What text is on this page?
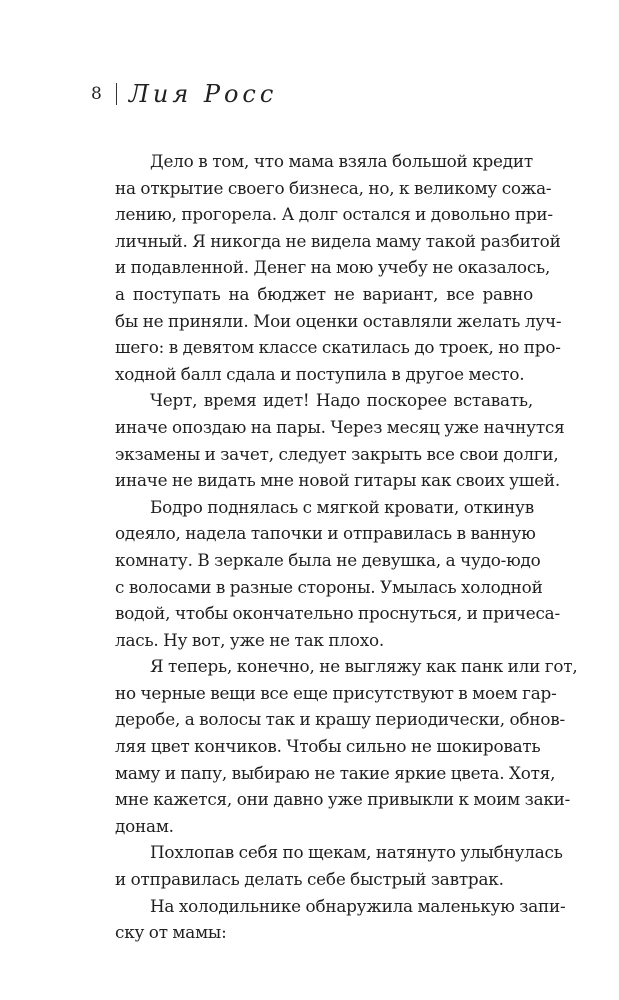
8 Лия Росс
Дело в том, что мама взяла большой кредит
на открытие своего бизнеса, но, к великому сожа-
лению, прогорела. А долг остался и довольно при-
личный. Я никогда не видела маму такой разбитой
и подавленной. Денег на мою учебу не оказалось,
а поступать на бюджет не вариант, все равно
бы не приняли. Мои оценки оставляли желать луч-
шего: в девятом классе скатилась до троек, но про-
ходной балл сдала и поступила в другое место.
Черт, время идет! Надо поскорее вставать,
иначе опоздаю на пары. Через месяц уже начнутся
экзамены и зачет, следует закрыть все свои долги,
иначе не видать мне новой гитары как своих ушей.
Бодро поднялась с мягкой кровати, откинув
одеяло, надела тапочки и отправилась в ванную
комнату. В зеркале была не девушка, а чудо-юдо
с волосами в разные стороны. Умылась холодной
водой, чтобы окончательно проснуться, и причеса-
лась. Ну вот, уже не так плохо.
Я теперь, конечно, не выгляжу как панк или гот,
но черные вещи все еще присутствуют в моем гар-
деробе, а волосы так и крашу периодически, обнов-
ляя цвет кончиков. Чтобы сильно не шокировать
маму и папу, выбираю не такие яркие цвета. Хотя,
мне кажется, они давно уже привыкли к моим заки-
донам.
Похлопав себя по щекам, натянуто улыбнулась
и отправилась делать себе быстрый завтрак.
На холодильнике обнаружила маленькую запи-
ску от мамы:
